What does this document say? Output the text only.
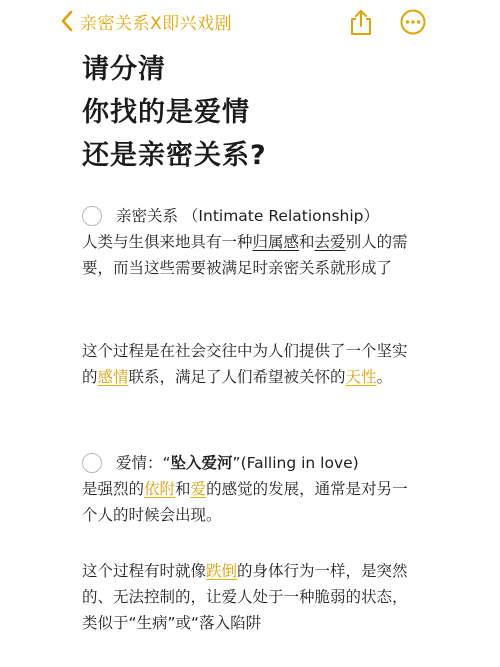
亲密关系X即兴戏剧
请分清
你找的是爱情
还是亲密关系?
亲密关系 （Intimate Relationship）
人类与生俱来地具有一种归属感和去爱别人的需要，而当这些需要被满足时亲密关系就形成了
这个过程是在社会交往中为人们提供了一个坚实的感情联系，满足了人们希望被关怀的天性。
爱情：“坠入爱河”(Falling in love)
是强烈的依附和爱的感觉的发展，通常是对另一个人的时候会出现。
这个过程有时就像跌倒的身体行为一样，是突然的、无法控制的，让爱人处于一种脆弱的状态，类似于“生病”或“落入陷阱
